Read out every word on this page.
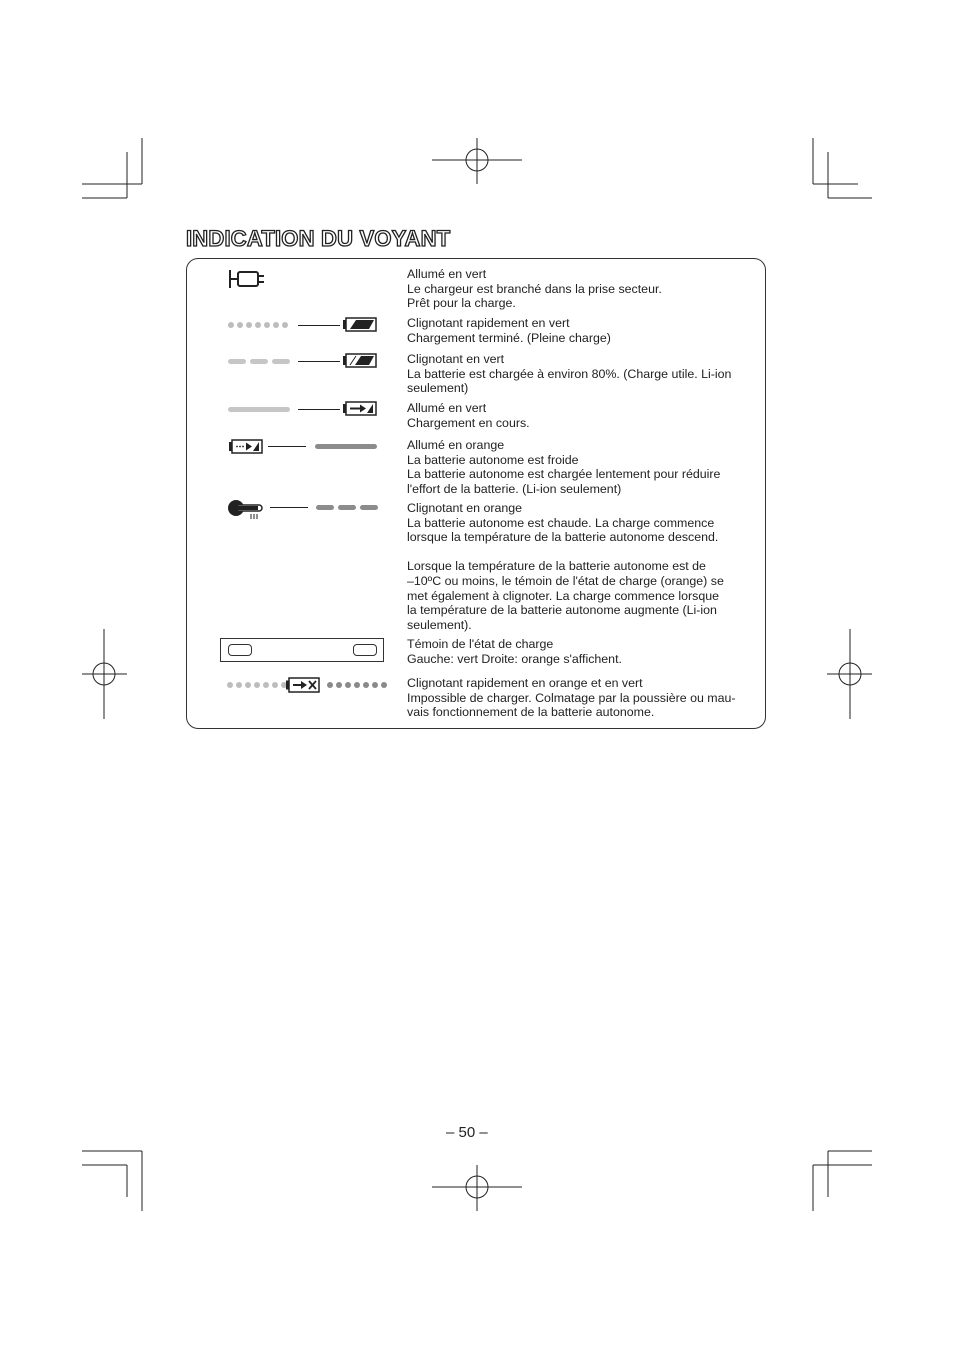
INDICATION DU VOYANT
Allumé en vert
Le chargeur est branché dans la prise secteur.
Prêt pour la charge.
Clignotant rapidement en vert
Chargement terminé. (Pleine charge)
Clignotant en vert
La batterie est chargée à environ 80%. (Charge utile. Li-ion
seulement)
Allumé en vert
Chargement en cours.
Allumé en orange
La batterie autonome est froide
La batterie autonome est chargée lentement pour réduire
l'effort de la batterie. (Li-ion seulement)
Clignotant en orange
La batterie autonome est chaude. La charge commence
lorsque la température de la batterie autonome descend.
Lorsque la température de la batterie autonome est de
–10ºC ou moins, le témoin de l'état de charge (orange) se
met également à clignoter. La charge commence lorsque
la température de la batterie autonome augmente (Li-ion
seulement).
Témoin de l'état de charge
Gauche: vert Droite: orange s'affichent.
Clignotant rapidement en orange et en vert
Impossible de charger. Colmatage par la poussière ou mau-
vais fonctionnement de la batterie autonome.
– 50 –
